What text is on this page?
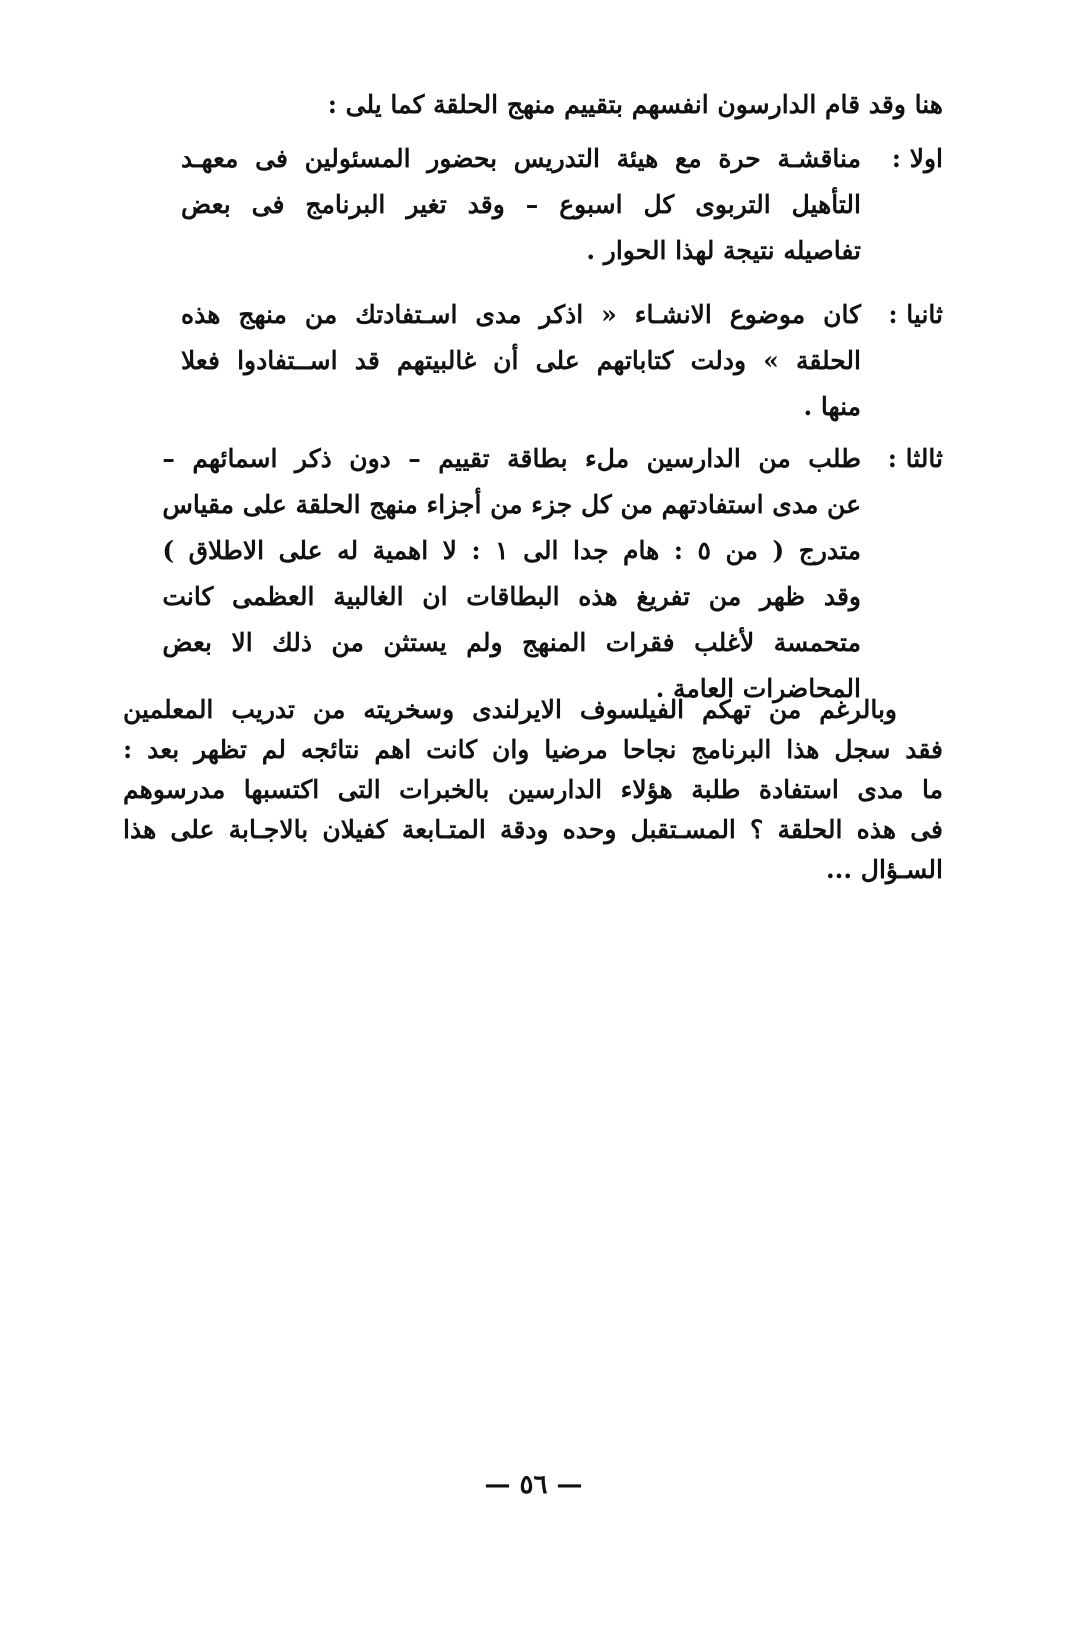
هنا وقد قام الدارسون انفسهم بتقييم منهج الحلقة كما يلى :

اولا :
مناقشـة حرة مع هيئة التدريس بحضور المسئولين فى معهـد
التأهيل التربوى كل اسبوع – وقد تغير البرنامج فى بعض
تفاصيله نتيجة لهذا الحوار .
ثانيا :
كان موضوع الانشـاء « اذكر مدى اسـتفادتك من منهج هذه
الحلقة » ودلت كتاباتهم على أن غالبيتهم قد اســتفادوا فعلا
منها .
ثالثا :
طلب من الدارسين ملء بطاقة تقييم – دون ذكر اسمائهم –
عن مدى استفادتهم من كل جزء من أجزاء منهج الحلقة على مقياس
متدرج ( من ٥ : هام جدا الى ١ : لا اهمية له على الاطلاق )
وقد ظهر من تفريغ هذه البطاقات ان الغالبية العظمى كانت
متحمسة لأغلب فقرات المنهج ولم يستثن من ذلك الا بعض
المحاضرات العامة .
وبالرغم من تهكم الفيلسوف الايرلندى وسخريته من تدريب المعلمين
فقد سجل هذا البرنامج نجاحا مرضيا وان كانت اهم نتائجه لم تظهر بعد :
ما مدى استفادة طلبة هؤلاء الدارسين بالخبرات التى اكتسبها مدرسوهم
فى هذه الحلقة ؟ المسـتقبل وحده ودقة المتـابعة كفيلان بالاجـابة على هذا
السـؤال ...
— ٥٦ —
